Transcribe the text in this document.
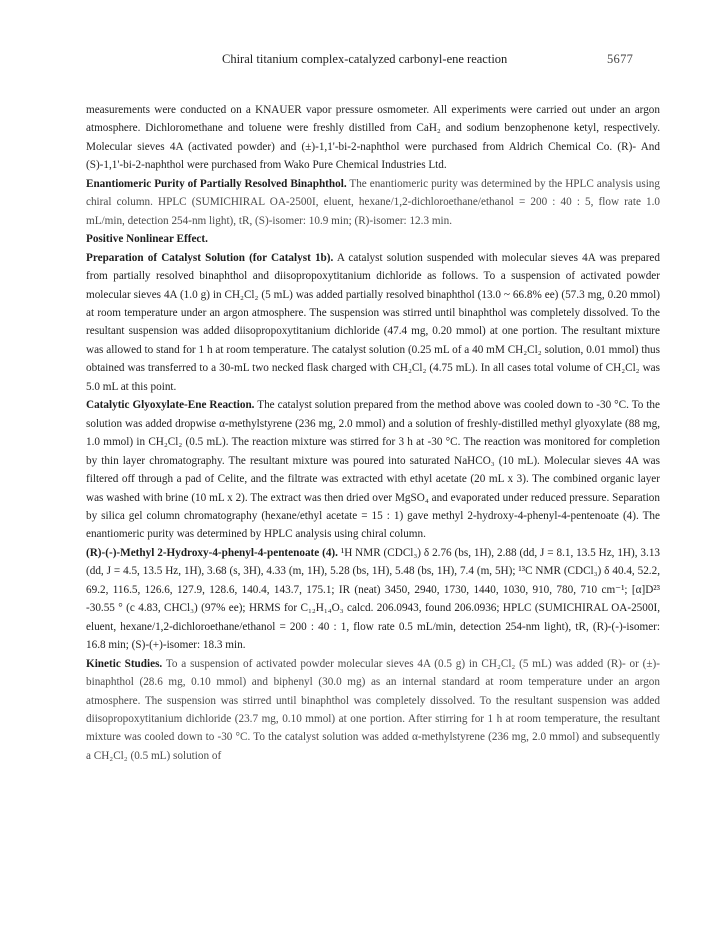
Chiral titanium complex-catalyzed carbonyl-ene reaction	5677

measurements were conducted on a KNAUER vapor pressure osmometer. All experiments were carried out under an argon atmosphere. Dichloromethane and toluene were freshly distilled from CaH₂ and sodium benzophenone ketyl, respectively. Molecular sieves 4A (activated powder) and (±)-1,1'-bi-2-naphthol were purchased from Aldrich Chemical Co. (R)- And (S)-1,1'-bi-2-naphthol were purchased from Wako Pure Chemical Industries Ltd.

Enantiomeric Purity of Partially Resolved Binaphthol. The enantiomeric purity was determined by the HPLC analysis using chiral column. HPLC (SUMICHIRAL OA-2500I, eluent, hexane/1,2-dichloroethane/ethanol = 200 : 40 : 5, flow rate 1.0 mL/min, detection 254-nm light), tR, (S)-isomer: 10.9 min; (R)-isomer: 12.3 min.

Positive Nonlinear Effect.

Preparation of Catalyst Solution (for Catalyst 1b). A catalyst solution suspended with molecular sieves 4A was prepared from partially resolved binaphthol and diisopropoxytitanium dichloride as follows. To a suspension of activated powder molecular sieves 4A (1.0 g) in CH₂Cl₂ (5 mL) was added partially resolved binaphthol (13.0 ~ 66.8% ee) (57.3 mg, 0.20 mmol) at room temperature under an argon atmosphere. The suspension was stirred until binaphthol was completely dissolved. To the resultant suspension was added diisopropoxytitanium dichloride (47.4 mg, 0.20 mmol) at one portion. The resultant mixture was allowed to stand for 1 h at room temperature. The catalyst solution (0.25 mL of a 40 mM CH₂Cl₂ solution, 0.01 mmol) thus obtained was transferred to a 30-mL two necked flask charged with CH₂Cl₂ (4.75 mL). In all cases total volume of CH₂Cl₂ was 5.0 mL at this point.

Catalytic Glyoxylate-Ene Reaction. The catalyst solution prepared from the method above was cooled down to -30 °C. To the solution was added dropwise α-methylstyrene (236 mg, 2.0 mmol) and a solution of freshly-distilled methyl glyoxylate (88 mg, 1.0 mmol) in CH₂Cl₂ (0.5 mL). The reaction mixture was stirred for 3 h at -30 °C. The reaction was monitored for completion by thin layer chromatography. The resultant mixture was poured into saturated NaHCO₃ (10 mL). Molecular sieves 4A was filtered off through a pad of Celite, and the filtrate was extracted with ethyl acetate (20 mL x 3). The combined organic layer was washed with brine (10 mL x 2). The extract was then dried over MgSO₄ and evaporated under reduced pressure. Separation by silica gel column chromatography (hexane/ethyl acetate = 15 : 1) gave methyl 2-hydroxy-4-phenyl-4-pentenoate (4). The enantiomeric purity was determined by HPLC analysis using chiral column.

(R)-(-)-Methyl 2-Hydroxy-4-phenyl-4-pentenoate (4). ¹H NMR (CDCl₃) δ 2.76 (bs, 1H), 2.88 (dd, J = 8.1, 13.5 Hz, 1H), 3.13 (dd, J = 4.5, 13.5 Hz, 1H), 3.68 (s, 3H), 4.33 (m, 1H), 5.28 (bs, 1H), 5.48 (bs, 1H), 7.4 (m, 5H); ¹³C NMR (CDCl₃) δ 40.4, 52.2, 69.2, 116.5, 126.6, 127.9, 128.6, 140.4, 143.7, 175.1; IR (neat) 3450, 2940, 1730, 1440, 1030, 910, 780, 710 cm⁻¹; [α]D²³ -30.55 ° (c 4.83, CHCl₃) (97% ee); HRMS for C₁₂H₁₄O₃ calcd. 206.0943, found 206.0936; HPLC (SUMICHIRAL OA-2500I, eluent, hexane/1,2-dichloroethane/ethanol = 200 : 40 : 1, flow rate 0.5 mL/min, detection 254-nm light), tR, (R)-(-)-isomer: 16.8 min; (S)-(+)-isomer: 18.3 min.

Kinetic Studies. To a suspension of activated powder molecular sieves 4A (0.5 g) in CH₂Cl₂ (5 mL) was added (R)- or (±)-binaphthol (28.6 mg, 0.10 mmol) and biphenyl (30.0 mg) as an internal standard at room temperature under an argon atmosphere. The suspension was stirred until binaphthol was completely dissolved. To the resultant suspension was added diisopropoxytitanium dichloride (23.7 mg, 0.10 mmol) at one portion. After stirring for 1 h at room temperature, the resultant mixture was cooled down to -30 °C. To the catalyst solution was added α-methylstyrene (236 mg, 2.0 mmol) and subsequently a CH₂Cl₂ (0.5 mL) solution of
